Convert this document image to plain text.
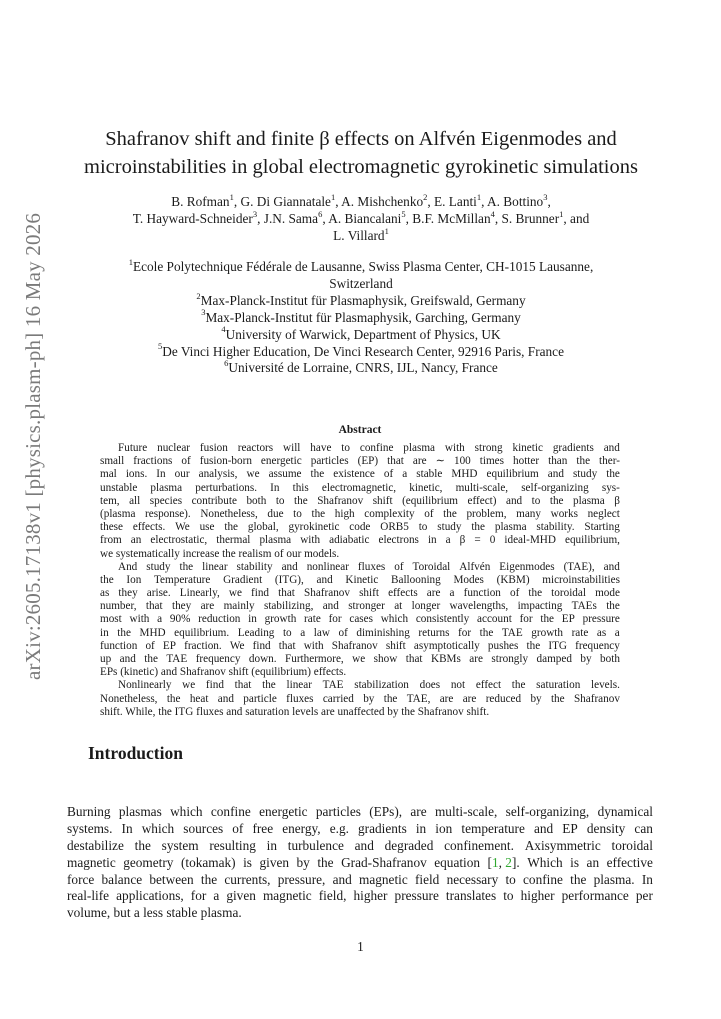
arXiv:2605.17138v1 [physics.plasm-ph] 16 May 2026
Shafranov shift and finite β effects on Alfvén Eigenmodes and
microinstabilities in global electromagnetic gyrokinetic simulations
B. Rofman$^1$, G. Di Giannatale$^1$, A. Mishchenko$^2$, E. Lanti$^1$, A. Bottino$^3$,
T. Hayward-Schneider$^3$, J.N. Sama$^6$, A. Biancalani$^5$, B.F. McMillan$^4$, S. Brunner$^1$, and
L. Villard$^1$
$^1$Ecole Polytechnique Fédérale de Lausanne, Swiss Plasma Center, CH-1015 Lausanne,
Switzerland
$^2$Max-Planck-Institut für Plasmaphysik, Greifswald, Germany
$^3$Max-Planck-Institut für Plasmaphysik, Garching, Germany
$^4$University of Warwick, Department of Physics, UK
$^5$De Vinci Higher Education, De Vinci Research Center, 92916 Paris, France
$^6$Université de Lorraine, CNRS, IJL, Nancy, France
Abstract
Future nuclear fusion reactors will have to confine plasma with strong kinetic gradients and
small fractions of fusion-born energetic particles (EP) that are ∼ 100 times hotter than the ther-
mal ions. In our analysis, we assume the existence of a stable MHD equilibrium and study the
unstable plasma perturbations. In this electromagnetic, kinetic, multi-scale, self-organizing sys-
tem, all species contribute both to the Shafranov shift (equilibrium effect) and to the plasma β
(plasma response). Nonetheless, due to the high complexity of the problem, many works neglect
these effects. We use the global, gyrokinetic code ORB5 to study the plasma stability. Starting
from an electrostatic, thermal plasma with adiabatic electrons in a β = 0 ideal-MHD equilibrium,
we systematically increase the realism of our models.
And study the linear stability and nonlinear fluxes of Toroidal Alfvén Eigenmodes (TAE), and
the Ion Temperature Gradient (ITG), and Kinetic Ballooning Modes (KBM) microinstabilities
as they arise. Linearly, we find that Shafranov shift effects are a function of the toroidal mode
number, that they are mainly stabilizing, and stronger at longer wavelengths, impacting TAEs the
most with a 90% reduction in growth rate for cases which consistently account for the EP pressure
in the MHD equilibrium. Leading to a law of diminishing returns for the TAE growth rate as a
function of EP fraction. We find that with Shafranov shift asymptotically pushes the ITG frequency
up and the TAE frequency down. Furthermore, we show that KBMs are strongly damped by both
EPs (kinetic) and Shafranov shift (equilibrium) effects.
Nonlinearly we find that the linear TAE stabilization does not effect the saturation levels.
Nonetheless, the heat and particle fluxes carried by the TAE, are are reduced by the Shafranov
shift. While, the ITG fluxes and saturation levels are unaffected by the Shafranov shift.
Introduction
Burning plasmas which confine energetic particles (EPs), are multi-scale, self-organizing, dynamical
systems. In which sources of free energy, e.g. gradients in ion temperature and EP density can
destabilize the system resulting in turbulence and degraded confinement. Axisymmetric toroidal
magnetic geometry (tokamak) is given by the Grad-Shafranov equation [1, 2]. Which is an effective
force balance between the currents, pressure, and magnetic field necessary to confine the plasma. In
real-life applications, for a given magnetic field, higher pressure translates to higher performance per
volume, but a less stable plasma.
1
